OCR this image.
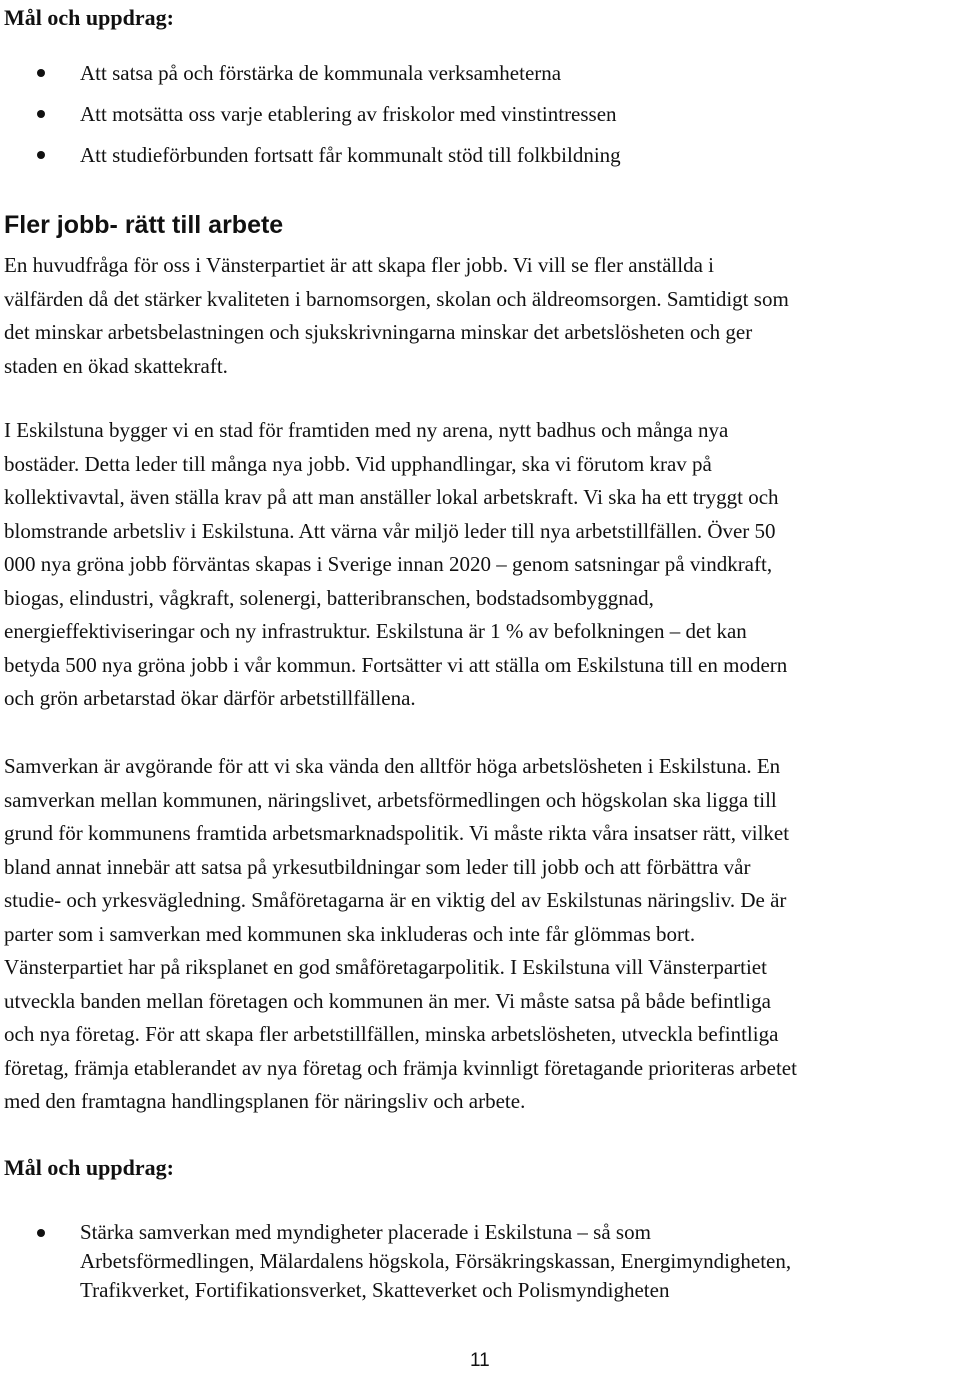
Mål och uppdrag:
Att satsa på och förstärka de kommunala verksamheterna
Att motsätta oss varje etablering av friskolor med vinstintressen
Att studieförbunden fortsatt får kommunalt stöd till folkbildning
Fler jobb- rätt till arbete
En huvudfråga för oss i Vänsterpartiet är att skapa fler jobb. Vi vill se fler anställda i
välfärden då det stärker kvaliteten i barnomsorgen, skolan och äldreomsorgen. Samtidigt som
det minskar arbetsbelastningen och sjukskrivningarna minskar det arbetslösheten och ger
staden en ökad skattekraft.
I Eskilstuna bygger vi en stad för framtiden med ny arena, nytt badhus och många nya
bostäder. Detta leder till många nya jobb. Vid upphandlingar, ska vi förutom krav på
kollektivavtal, även ställa krav på att man anställer lokal arbetskraft. Vi ska ha ett tryggt och
blomstrande arbetsliv i Eskilstuna. Att värna vår miljö leder till nya arbetstillfällen. Över 50
000 nya gröna jobb förväntas skapas i Sverige innan 2020 – genom satsningar på vindkraft,
biogas, elindustri, vågkraft, solenergi, batteribranschen, bodstadsombyggnad,
energieffektiviseringar och ny infrastruktur. Eskilstuna är 1 % av befolkningen – det kan
betyda 500 nya gröna jobb i vår kommun. Fortsätter vi att ställa om Eskilstuna till en modern
och grön arbetarstad ökar därför arbetstillfällena.
Samverkan är avgörande för att vi ska vända den alltför höga arbetslösheten i Eskilstuna. En
samverkan mellan kommunen, näringslivet, arbetsförmedlingen och högskolan ska ligga till
grund för kommunens framtida arbetsmarknadspolitik. Vi måste rikta våra insatser rätt, vilket
bland annat innebär att satsa på yrkesutbildningar som leder till jobb och att förbättra vår
studie- och yrkesvägledning. Småföretagarna är en viktig del av Eskilstunas näringsliv. De är
parter som i samverkan med kommunen ska inkluderas och inte får glömmas bort.
Vänsterpartiet har på riksplanet en god småföretagarpolitik. I Eskilstuna vill Vänsterpartiet
utveckla banden mellan företagen och kommunen än mer. Vi måste satsa på både befintliga
och nya företag. För att skapa fler arbetstillfällen, minska arbetslösheten, utveckla befintliga
företag, främja etablerandet av nya företag och främja kvinnligt företagande prioriteras arbetet
med den framtagna handlingsplanen för näringsliv och arbete.
Mål och uppdrag:
Stärka samverkan med myndigheter placerade i Eskilstuna – så som
Arbetsförmedlingen, Mälardalens högskola, Försäkringskassan, Energimyndigheten,
Trafikverket, Fortifikationsverket, Skatteverket och Polismyndigheten
11
